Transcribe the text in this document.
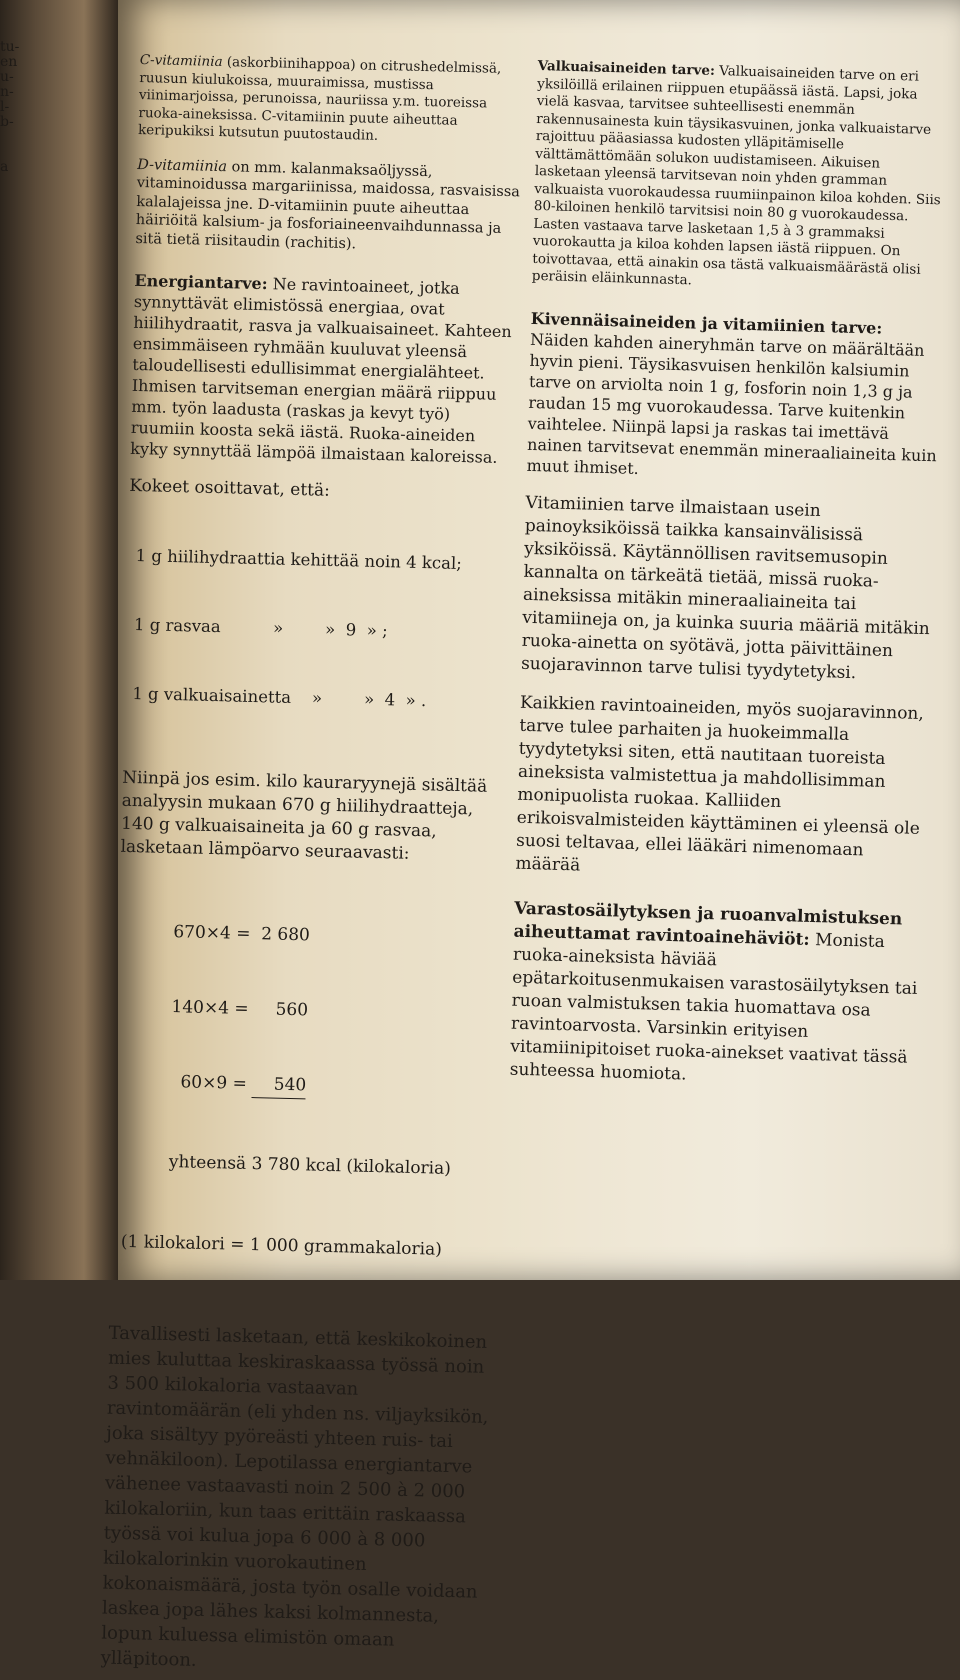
tu-
en
u-
n-
l-
b-

a

C-vitamiinia (askorbiinihappoa) on citrushedelmissä, ruusun kiulukoissa, muuraimissa, mustissa viinimarjoissa, perunoissa, nauriissa y.m. tuoreissa ruoka-aineksissa. C-vitamiinin puute aiheuttaa keripukiksi kutsutun puutostaudin.

D-vitamiinia on mm. kalanmaksaöljyssä, vitaminoidussa margariinissa, maidossa, rasvaisissa kalalajeissa jne. D-vitamiinin puute aiheuttaa häiriöitä kalsium- ja fosforiaineenvaihdunnassa ja sitä tietä riisitaudin (rachitis).

Energiantarve: Ne ravintoaineet, jotka synnyttävät elimistössä energiaa, ovat hiilihydraatit, rasva ja valkuaisaineet. Kahteen ensimmäiseen ryhmään kuuluvat yleensä taloudellisesti edullisimmat energialähteet. Ihmisen tarvitseman energian määrä riippuu mm. työn laadusta (raskas ja kevyt työ) ruumiin koosta sekä iästä. Ruoka-aineiden kyky synnyttää lämpöä ilmaistaan kaloreissa.

Kokeet osoittavat, että:

1 g hiilihydraattia kehittää noin 4 kcal;

1 g rasvaa          »        »  9  » ;

1 g valkuaisainetta    »        »  4  » .

Niinpä jos esim. kilo kauraryynejä sisältää analyysin mukaan 670 g hiilihydraatteja, 140 g valkuaisaineita ja 60 g rasvaa, lasketaan lämpöarvo seuraavasti:

670×4 = 2 680

140×4 = 560

60×9 = 540

yhteensä 3 780 kcal (kilokaloria)

(1 kilokalori = 1 000 grammakaloria)

Tavallisesti lasketaan, että keskikokoinen mies kuluttaa keskiraskaassa työssä noin 3 500 kilokaloria vastaavan ravintomäärän (eli yhden ns. viljayksikön, joka sisältyy pyöreästi yhteen ruis- tai vehnäkiloon). Lepotilassa energiantarve vähenee vastaavasti noin 2 500 à 2 000 kilokaloriin, kun taas erittäin raskaassa työssä voi kulua jopa 6 000 à 8 000 kilokalorinkin vuorokautinen kokonaismäärä, josta työn osalle voidaan laskea jopa lähes kaksi kolmannesta, lopun kuluessa elimistön omaan ylläpitoon.

Valkuaisaineiden tarve: Valkuaisaineiden tarve on eri yksilöillä erilainen riippuen etupäässä iästä. Lapsi, joka vielä kasvaa, tarvitsee suhteellisesti enemmän rakennusainesta kuin täysikasvuinen, jonka valkuaistarve rajoittuu pääasiassa kudosten ylläpitämiselle välttämättömään solukon uudistamiseen. Aikuisen lasketaan yleensä tarvitsevan noin yhden gramman valkuaista vuorokaudessa ruumiinpainon kiloa kohden. Siis 80-kiloinen henkilö tarvitsisi noin 80 g vuorokaudessa. Lasten vastaava tarve lasketaan 1,5 à 3 grammaksi vuorokautta ja kiloa kohden lapsen iästä riippuen. On toivottavaa, että ainakin osa tästä valkuaismäärästä olisi peräisin eläinkunnasta.

Kivennäisaineiden ja vitamiinien tarve:

Näiden kahden aineryhmän tarve on määrältään hyvin pieni. Täysikasvuisen henkilön kalsiumin tarve on arviolta noin 1 g, fosforin noin 1,3 g ja raudan 15 mg vuorokaudessa. Tarve kuitenkin vaihtelee. Niinpä lapsi ja raskas tai imettävä nainen tarvitsevat enemmän mineraaliaineita kuin muut ihmiset.

Vitamiinien tarve ilmaistaan usein painoyksiköissä taikka kansainvälisissä yksiköissä. Käytännöllisen ravitsemusopin kannalta on tärkeätä tietää, missä ruoka-aineksissa mitäkin mineraaliaineita tai vitamiineja on, ja kuinka suuria määriä mitäkin ruoka-ainetta on syötävä, jotta päivittäinen suojaravinnon tarve tulisi tyydytetyksi.

Kaikkien ravintoaineiden, myös suojaravinnon, tarve tulee parhaiten ja huokeimmalla tyydytetyksi siten, että nautitaan tuoreista aineksista valmistettua ja mahdollisimman monipuolista ruokaa. Kalliiden erikoisvalmisteiden käyttäminen ei yleensä ole suosi teltavaa, ellei lääkäri nimenomaan määrää

Varastosäilytyksen ja ruoanvalmistuksen aiheuttamat ravintoainehäviöt: Monista ruoka-aineksista häviää epätarkoitusenmukaisen varastosäilytyksen tai ruoan valmistuksen takia huomattava osa ravintoarvosta. Varsinkin erityisen vitamiinipitoiset ruoka-ainekset vaativat tässä suhteessa huomiota.
